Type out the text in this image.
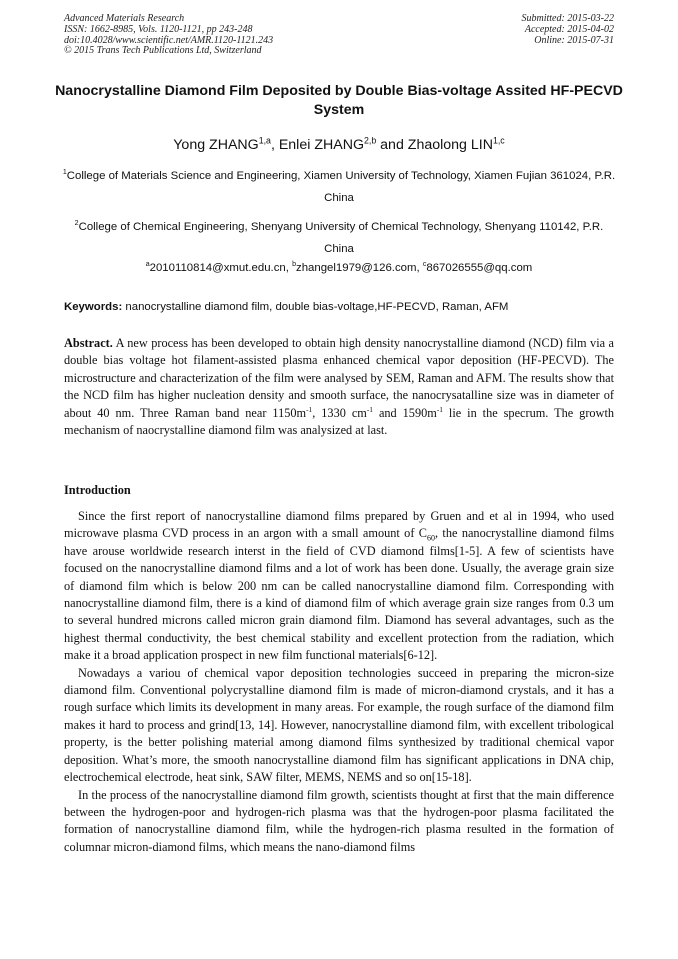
Advanced Materials Research
ISSN: 1662-8985, Vols. 1120-1121, pp 243-248
doi:10.4028/www.scientific.net/AMR.1120-1121.243
© 2015 Trans Tech Publications Ltd, Switzerland
Submitted: 2015-03-22
Accepted: 2015-04-02
Online: 2015-07-31
Nanocrystalline Diamond Film Deposited by Double Bias-voltage Assited HF-PECVD System
Yong ZHANG$^{1,a}$, Enlei ZHANG$^{2,b}$ and Zhaolong LIN$^{1,c}$
$^1$College of Materials Science and Engineering, Xiamen University of Technology, Xiamen Fujian 361024, P.R. China
$^2$College of Chemical Engineering, Shenyang University of Chemical Technology, Shenyang 110142, P.R. China
$^a$2010110814@xmut.edu.cn, $^b$zhangel1979@126.com, $^c$867026555@qq.com
Keywords: nanocrystalline diamond film, double bias-voltage,HF-PECVD, Raman, AFM

Abstract. A new process has been developed to obtain high density nanocrystalline diamond (NCD) film via a double bias voltage hot filament-assisted plasma enhanced chemical vapor deposition (HF-PECVD). The microstructure and characterization of the film were analysed by SEM, Raman and AFM. The results show that the NCD film has higher nucleation density and smooth surface, the nanocrysatalline size was in diameter of about 40 nm. Three Raman band near $1150m^{-1}$, 1330 $cm^{-1}$ and $1590m^{-1}$ lie in the specrum. The growth mechanism of naocrystalline diamond film was analysized at last.

Introduction

Since the first report of nanocrystalline diamond films prepared by Gruen and et al in 1994, who used microwave plasma CVD process in an argon with a small amount of $C_{60}$, the nanocrystalline diamond films have arouse worldwide research interst in the field of CVD diamond films[1-5]. A few of scientists have focused on the nanocrystalline diamond films and a lot of work has been done. Usually, the average grain size of diamond film which is below 200 nm can be called nanocrystalline diamond film. Corresponding with nanocrystalline diamond film, there is a kind of diamond film of which average grain size ranges from 0.3 um to several hundred microns called micron grain diamond film. Diamond has several advantages, such as the highest thermal conductivity, the best chemical stability and excellent protection from the radiation, which make it a broad application prospect in new film functional materials[6-12].

Nowadays a variou of chemical vapor deposition technologies succeed in preparing the micron-size diamond film. Conventional polycrystalline diamond film is made of micron-diamond crystals, and it has a rough surface which limits its development in many areas. For example, the rough surface of the diamond film makes it hard to process and grind[13, 14]. However, nanocrystalline diamond film, with excellent tribological property, is the better polishing material among diamond films synthesized by traditional chemical vapor deposition. What’s more, the smooth nanocrystalline diamond film has significant applications in DNA chip, electrochemical electrode, heat sink, SAW filter, MEMS, NEMS and so on[15-18].

In the process of the nanocrystalline diamond film growth, scientists thought at first that the main difference between the hydrogen-poor and hydrogen-rich plasma was that the hydrogen-poor plasma facilitated the formation of nanocrystalline diamond film, while the hydrogen-rich plasma resulted in the formation of columnar micron-diamond films, which means the nano-diamond films
